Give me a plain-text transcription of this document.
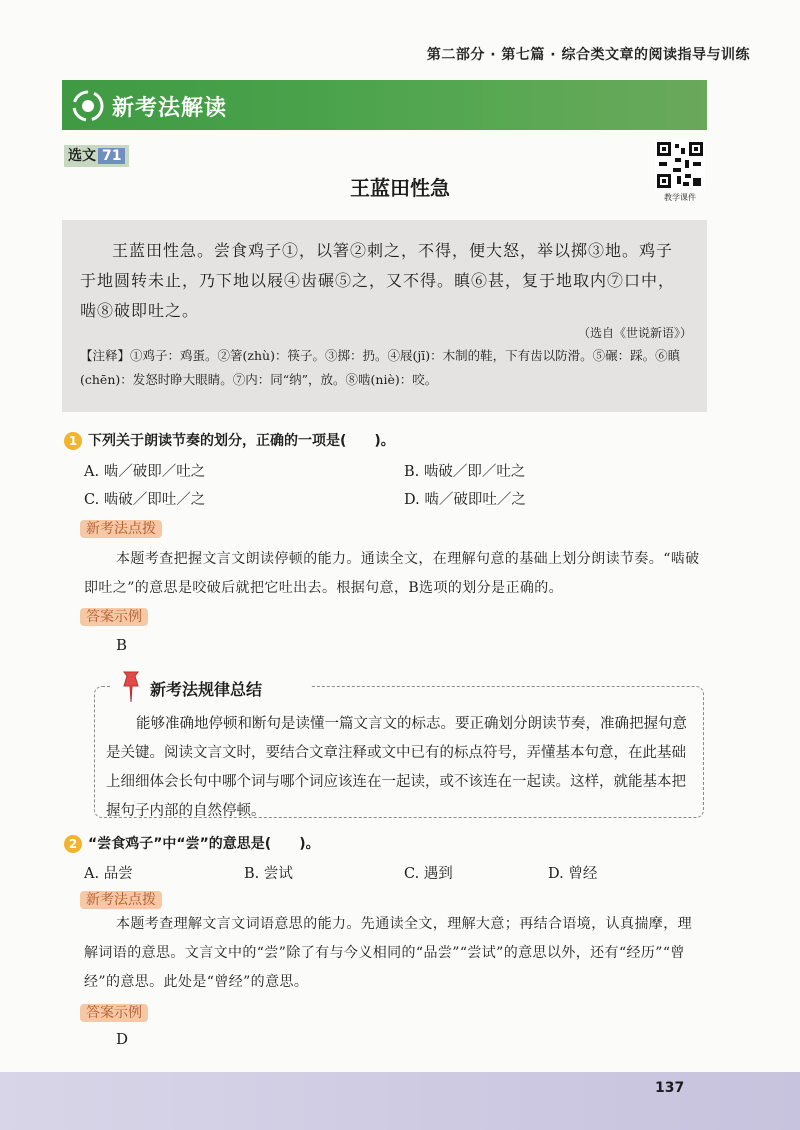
第二部分 · 第七篇 · 综合类文章的阅读指导与训练
新考法解读
选文 71
教学课件
王蓝田性急
王蓝田性急。尝食鸡子①，以箸②刺之，不得，便大怒，举以掷③地。鸡子
于地圆转未止，乃下地以屐④齿碾⑤之，又不得。瞋⑥甚，复于地取内⑦口中，
啮⑧破即吐之。
（选自《世说新语》）
【注释】①鸡子：鸡蛋。②箸(zhù)：筷子。③掷：扔。④屐(jī)：木制的鞋，下有齿以防滑。⑤碾：踩。⑥瞋(chēn)：发怒时睁大眼睛。⑦内：同“纳”，放。⑧啮(niè)：咬。
1 下列关于朗读节奏的划分，正确的一项是(　　)。
A. 啮／破即／吐之	B. 啮破／即／吐之
C. 啮破／即吐／之	D. 啮／破即吐／之
新考法点拨
本题考查把握文言文朗读停顿的能力。通读全文，在理解句意的基础上划分朗读节奏。“啮破即吐之”的意思是咬破后就把它吐出去。根据句意，B选项的划分是正确的。
答案示例
B
新考法规律总结
能够准确地停顿和断句是读懂一篇文言文的标志。要正确划分朗读节奏，准确把握句意是关键。阅读文言文时，要结合文章注释或文中已有的标点符号，弄懂基本句意，在此基础上细细体会长句中哪个词与哪个词应该连在一起读，或不该连在一起读。这样，就能基本把握句子内部的自然停顿。
2 “尝食鸡子”中“尝”的意思是(　　)。
A. 品尝	B. 尝试	C. 遇到	D. 曾经
新考法点拨
本题考查理解文言文词语意思的能力。先通读全文，理解大意；再结合语境，认真揣摩，理解词语的意思。文言文中的“尝”除了有与今义相同的“品尝”“尝试”的意思以外，还有“经历”“曾经”的意思。此处是“曾经”的意思。
答案示例
D
137
